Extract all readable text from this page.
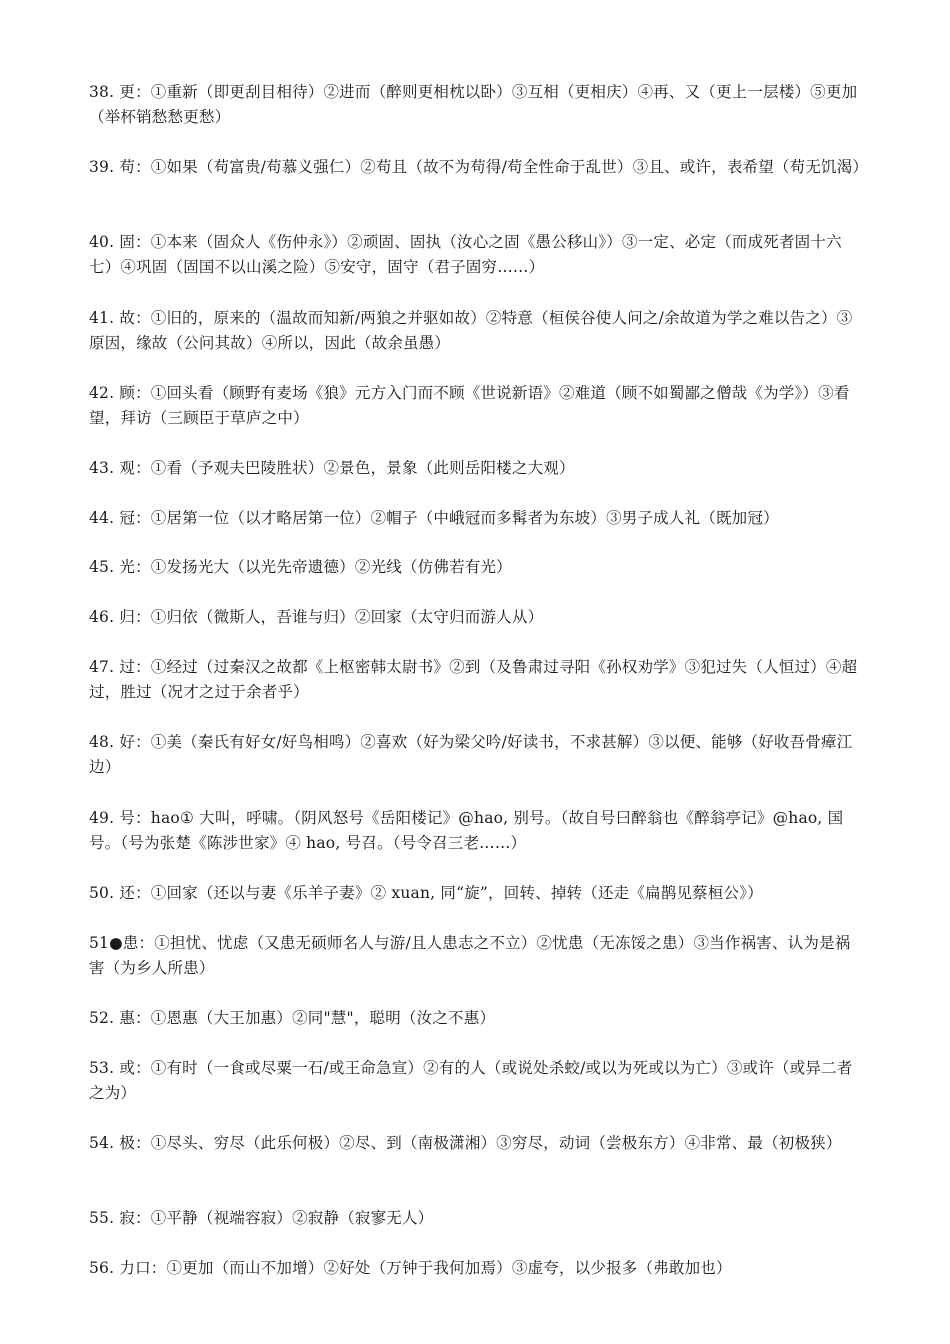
38. 更：①重新（即更刮目相待）②进而（醉则更相枕以卧）③互相（更相庆）④再、又（更上一层楼）⑤更加（举杯销愁愁更愁）

39. 苟：①如果（苟富贵/苟慕义强仁）②苟且（故不为苟得/苟全性命于乱世）③且、或许，表希望（苟无饥渴）

40. 固：①本来（固众人《伤仲永》）②顽固、固执（汝心之固《愚公移山》）③一定、必定（而成死者固十六七）④巩固（固国不以山溪之险）⑤安守，固守（君子固穷……）

41. 故：①旧的，原来的（温故而知新/两狼之并驱如故）②特意（桓侯谷使人问之/余故道为学之难以告之）③原因，缘故（公问其故）④所以，因此（故余虽愚）

42. 顾：①回头看（顾野有麦场《狼》元方入门而不顾《世说新语》②难道（顾不如蜀鄙之僧哉《为学》）③看望，拜访（三顾臣于草庐之中）

43. 观：①看（予观夫巴陵胜状）②景色，景象（此则岳阳楼之大观）

44. 冠：①居第一位（以才略居第一位）②帽子（中峨冠而多髯者为东坡）③男子成人礼（既加冠）

45. 光：①发扬光大（以光先帝遗德）②光线（仿佛若有光）

46. 归：①归依（微斯人，吾谁与归）②回家（太守归而游人从）

47. 过：①经过（过秦汉之故都《上枢密韩太尉书》②到（及鲁肃过寻阳《孙权劝学》③犯过失（人恒过）④超过，胜过（况才之过于余者乎）

48. 好：①美（秦氏有好女/好鸟相鸣）②喜欢（好为梁父吟/好读书，不求甚解）③以便、能够（好收吾骨瘴江边）

49. 号：hao① 大叫，呼啸。（阴风怒号《岳阳楼记》@hao, 别号。（故自号曰醉翁也《醉翁亭记》@hao, 国号。（号为张楚《陈涉世家》④ hao, 号召。（号令召三老……）

50. 还：①回家（还以与妻《乐羊子妻》② xuan, 同“旋”，回转、掉转（还走《扁鹊见蔡桓公》）

51●患：①担忧、忧虑（又患无硕师名人与游/且人患志之不立）②忧患（无冻馁之患）③当作祸害、认为是祸害（为乡人所患）

52. 惠：①恩惠（大王加惠）②同"慧"，聪明（汝之不惠）

53. 或：①有时（一食或尽粟一石/或王命急宣）②有的人（或说处杀蛟/或以为死或以为亡）③或许（或异二者之为）

54. 极：①尽头、穷尽（此乐何极）②尽、到（南极潇湘）③穷尽，动词（尝极东方）④非常、最（初极狭）

55. 寂：①平静（视端容寂）②寂静（寂寥无人）

56. 力口：①更加（而山不加增）②好处（万钟于我何加焉）③虚夸，以少报多（弗敢加也）
